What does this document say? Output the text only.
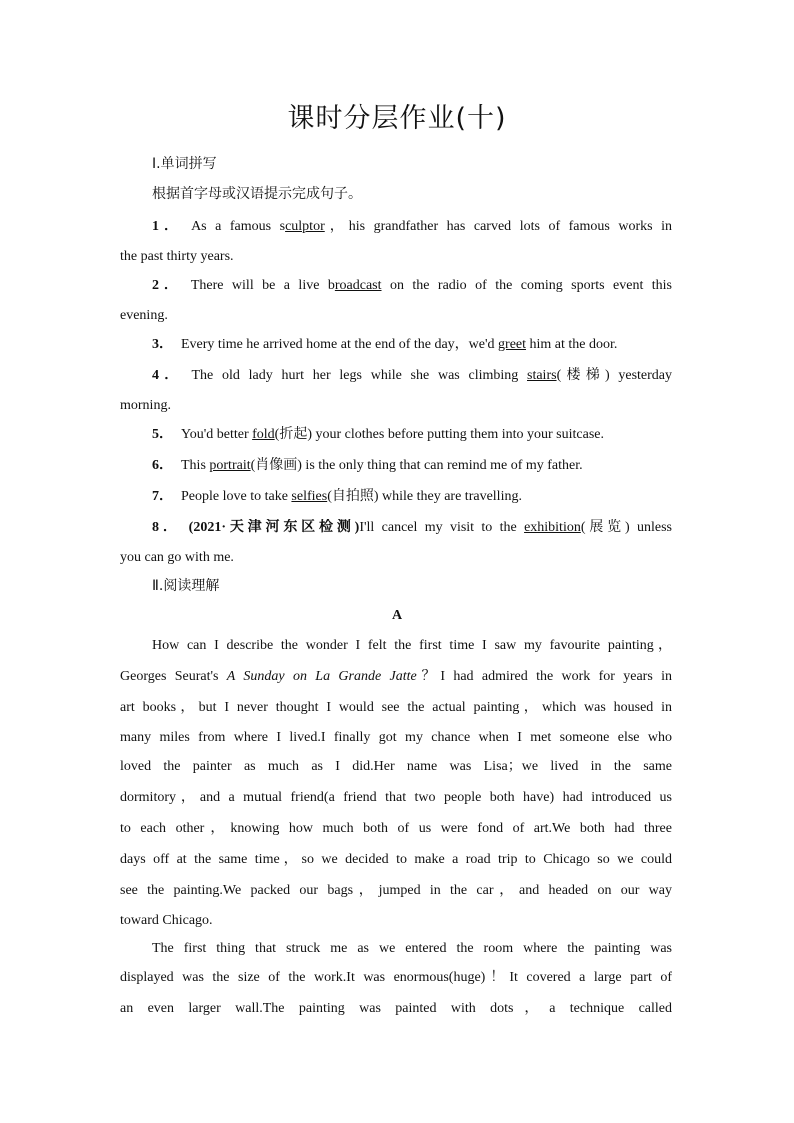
课时分层作业(十)
Ⅰ.单词拼写
根据首字母或汉语提示完成句子。
1． As a famous sculptor，his grandfather has carved lots of famous works in
the past thirty years.
2． There will be a live broadcast on the radio of the coming sports event this
evening.
3． Every time he arrived home at the end of the day，we'd greet him at the door.
4． The old lady hurt her legs while she was climbing stairs(楼梯) yesterday
morning.
5． You'd better fold(折起) your clothes before putting them into your suitcase.
6． This portrait(肖像画) is the only thing that can remind me of my father.
7． People love to take selfies(自拍照) while they are travelling.
8． (2021·天津河东区检测)I'll cancel my visit to the exhibition(展览) unless
you can go with me.
Ⅱ.阅读理解
A
How can I describe the wonder I felt the first time I saw my favourite painting，
Georges Seurat's A Sunday on La Grande Jatte？I had admired the work for years in
art books，but I never thought I would see the actual painting，which was housed in
many miles from where I lived.I finally got my chance when I met someone else who
loved the painter as much as I did.Her name was Lisa；we lived in the same
dormitory，and a mutual friend(a friend that two people both have) had introduced us
to each other，knowing how much both of us were fond of art.We both had three
days off at the same time，so we decided to make a road trip to Chicago so we could
see the painting.We packed our bags，jumped in the car，and headed on our way
toward Chicago.
The first thing that struck me as we entered the room where the painting was
displayed was the size of the work.It was enormous(huge)！It covered a large part of
an even larger wall.The painting was painted with dots，a technique called
